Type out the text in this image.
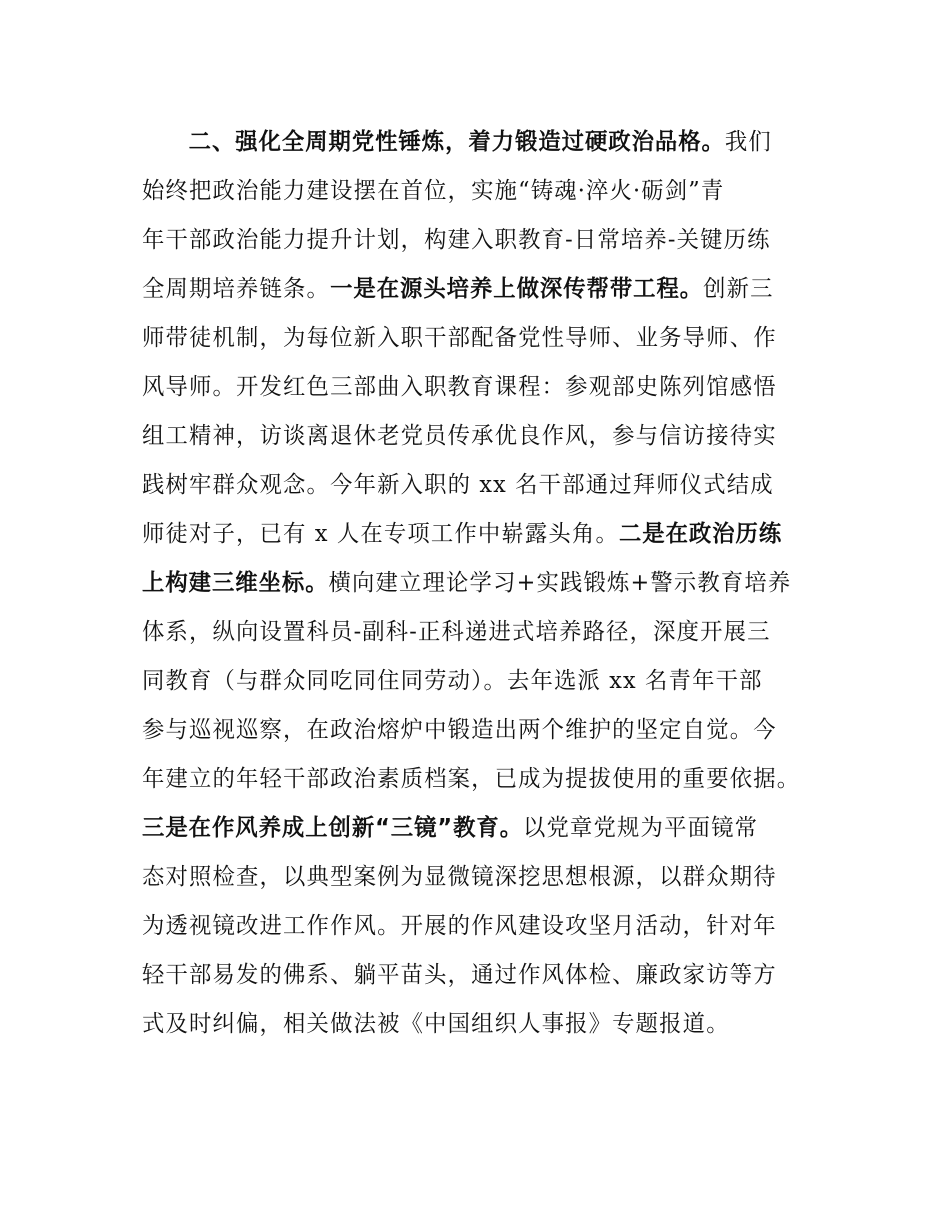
　　二、强化全周期党性锤炼，着力锻造过硬政治品格。我们
始终把政治能力建设摆在首位，实施“铸魂·淬火·砺剑”青
年干部政治能力提升计划，构建入职教育-日常培养-关键历练
全周期培养链条。一是在源头培养上做深传帮带工程。创新三
师带徒机制，为每位新入职干部配备党性导师、业务导师、作
风导师。开发红色三部曲入职教育课程：参观部史陈列馆感悟
组工精神，访谈离退休老党员传承优良作风，参与信访接待实
践树牢群众观念。今年新入职的 xx 名干部通过拜师仪式结成
师徒对子，已有 x 人在专项工作中崭露头角。二是在政治历练
上构建三维坐标。横向建立理论学习+实践锻炼+警示教育培养
体系，纵向设置科员-副科-正科递进式培养路径，深度开展三
同教育（与群众同吃同住同劳动）。去年选派 xx 名青年干部
参与巡视巡察，在政治熔炉中锻造出两个维护的坚定自觉。今
年建立的年轻干部政治素质档案，已成为提拔使用的重要依据。
三是在作风养成上创新“三镜”教育。以党章党规为平面镜常
态对照检查，以典型案例为显微镜深挖思想根源，以群众期待
为透视镜改进工作作风。开展的作风建设攻坚月活动，针对年
轻干部易发的佛系、躺平苗头，通过作风体检、廉政家访等方
式及时纠偏，相关做法被《中国组织人事报》专题报道。
